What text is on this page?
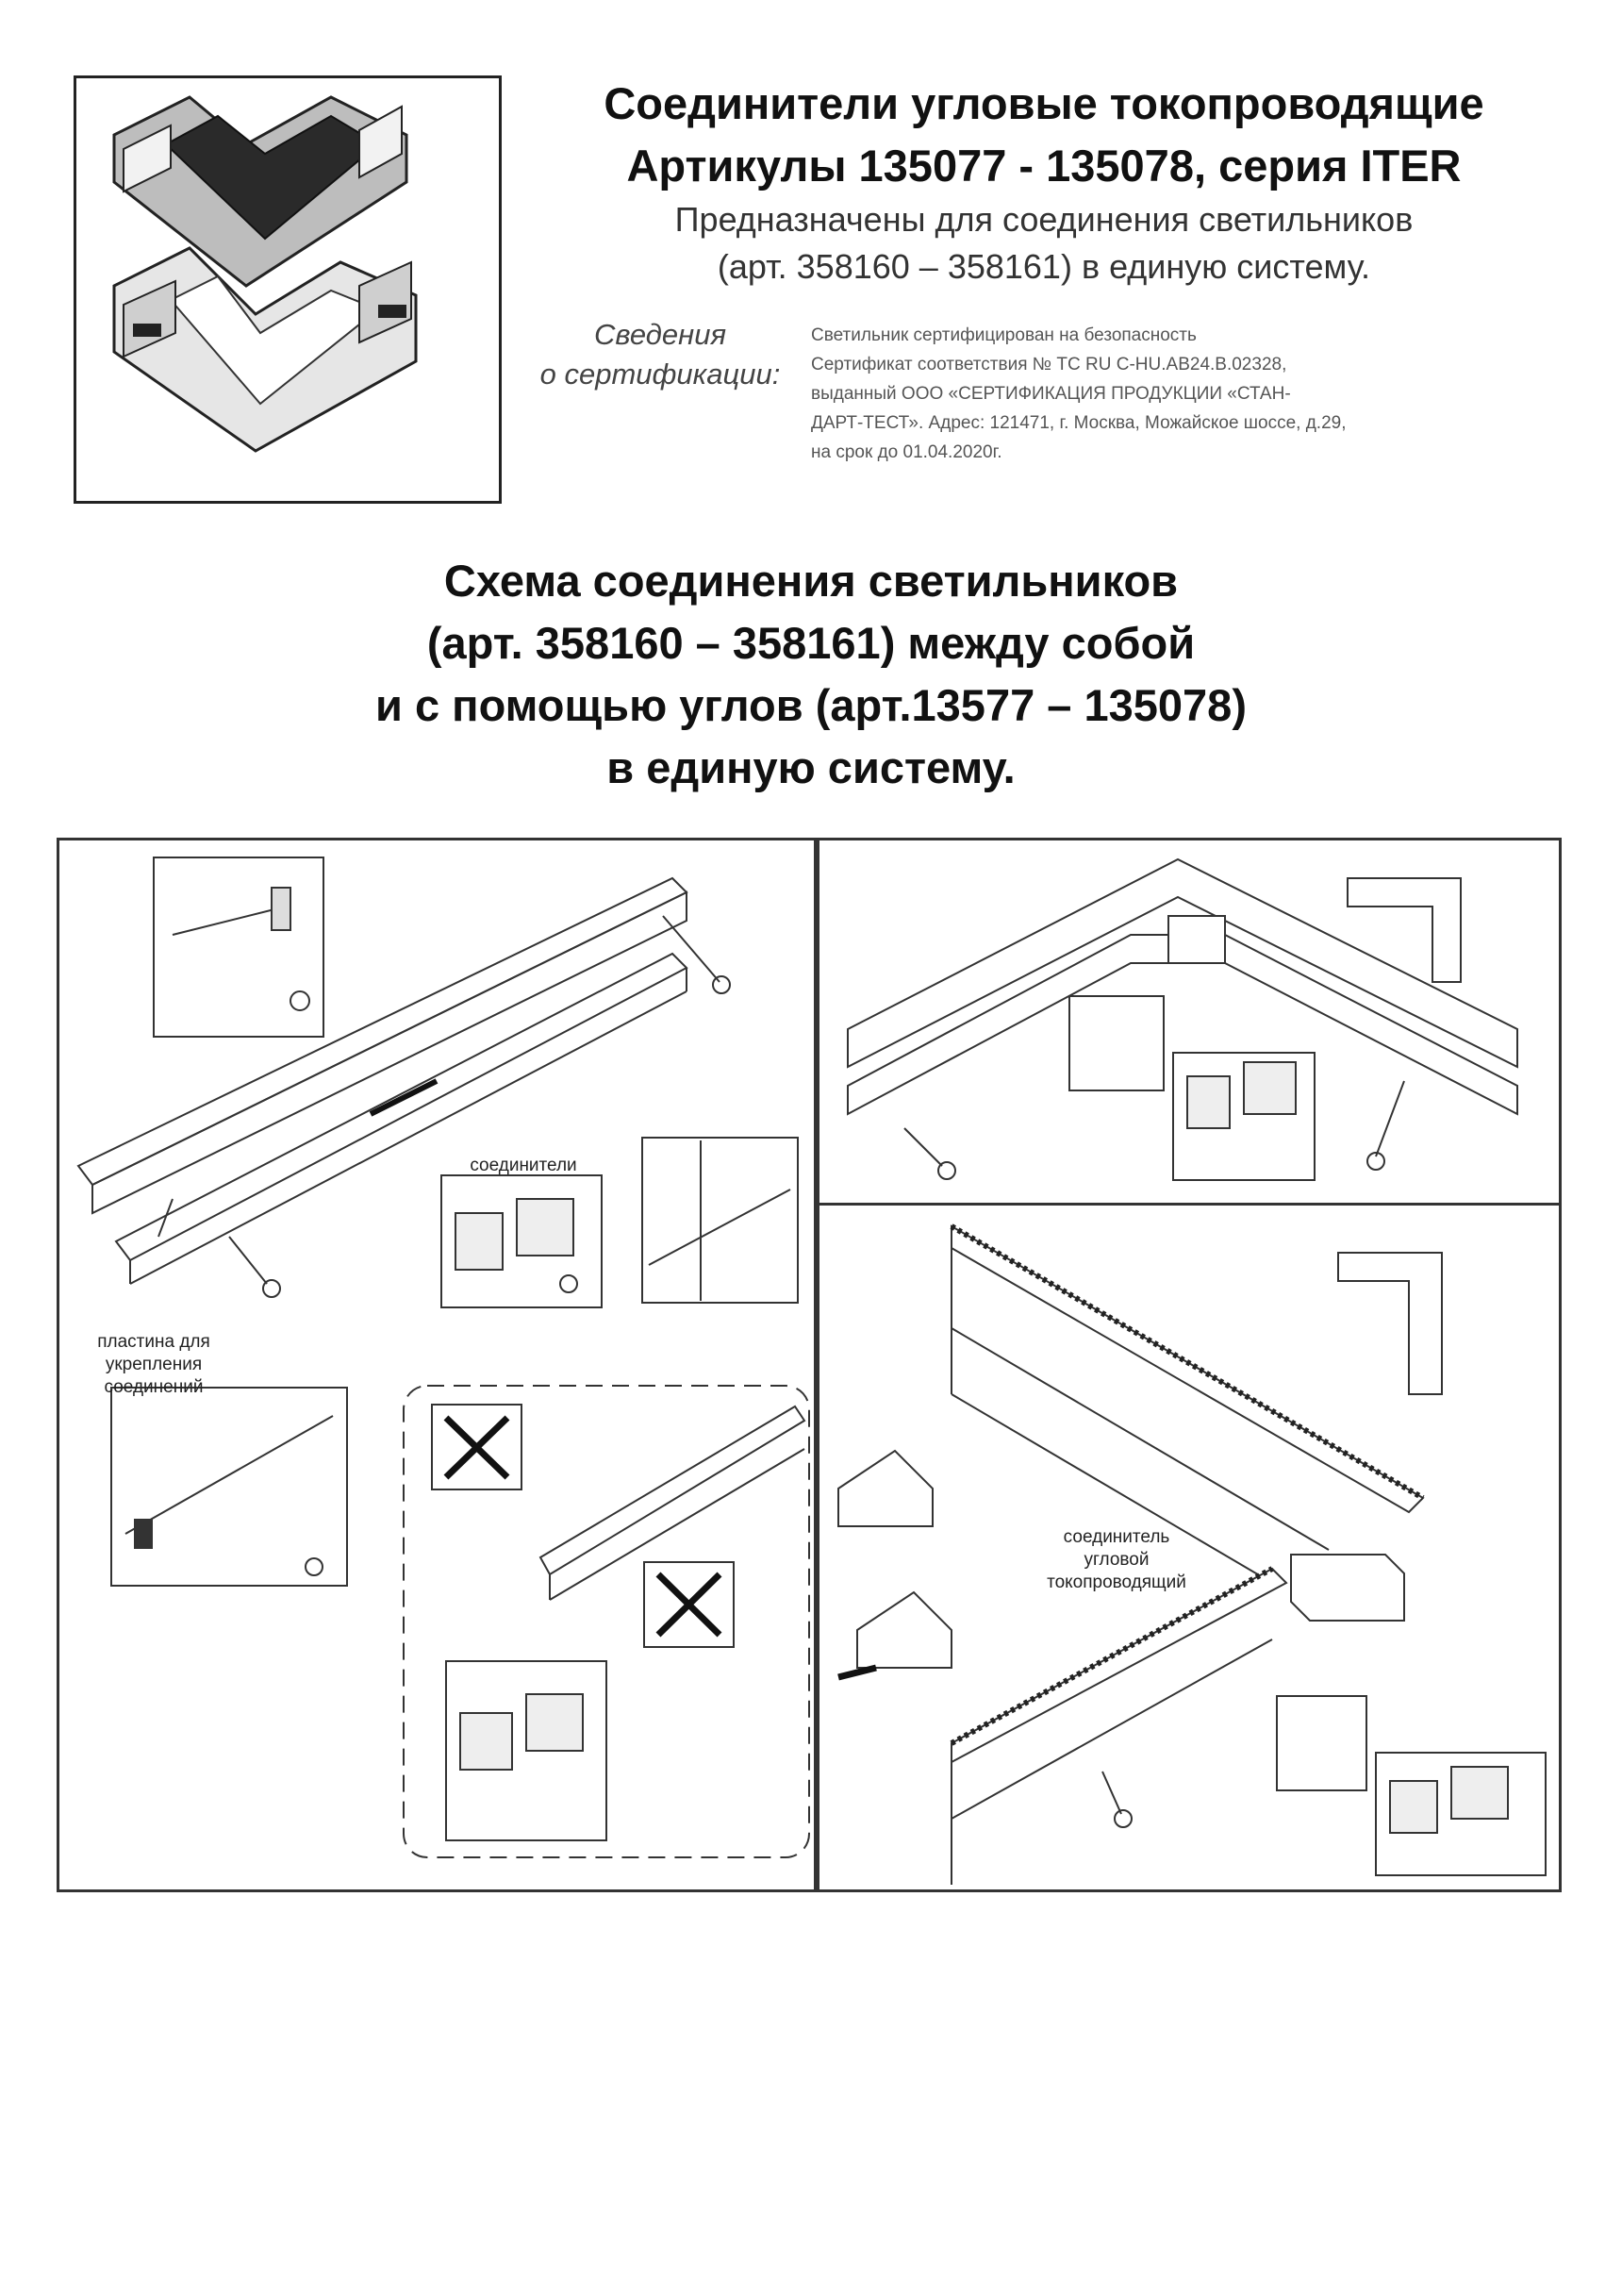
Соединители угловые токопроводящие
Артикулы 135077 - 135078, серия ITER
Предназначены для соединения светильников
(арт. 358160 – 358161) в единую систему.
Сведения
о сертификации:
Светильник сертифицирован на безопасность
Сертификат соответствия № ТС RU С-HU.АВ24.В.02328,
выданный ООО «СЕРТИФИКАЦИЯ ПРОДУКЦИИ «СТАН-
ДАРТ-ТЕСТ». Адрес: 121471, г. Москва, Можайское шоссе, д.29,
на срок до 01.04.2020г.
Схема соединения светильников
(арт. 358160 – 358161) между собой
и с помощью углов (арт.13577 – 135078)
в единую систему.
соединители
пластина для
укрепления
соединений
соединитель
угловой
токопроводящий
